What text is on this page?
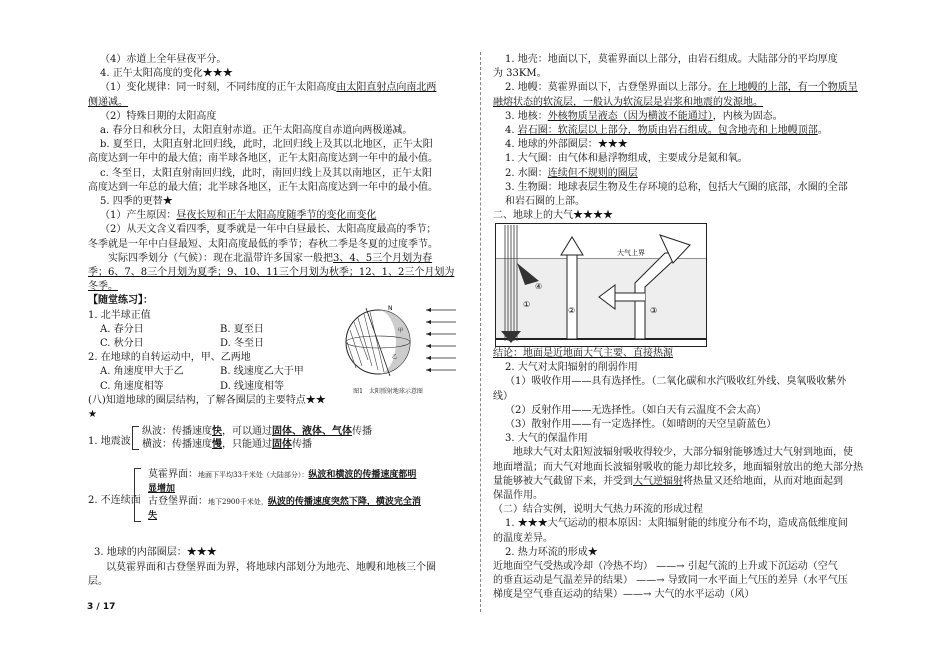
（4）赤道上全年昼夜平分。

4. 正午太阳高度的变化★★★

（1）变化规律：同一时刻，不同纬度的正午太阳高度由太阳直射点向南北两

侧递减。

（2）特殊日期的太阳高度

a. 春分日和秋分日，太阳直射赤道。正午太阳高度自赤道向两极递减。

b. 夏至日，太阳直射北回归线，此时，北回归线上及其以北地区，正午太阳

高度达到一年中的最大值；南半球各地区，正午太阳高度达到一年中的最小值。

c. 冬至日，太阳直射南回归线，此时，南回归线上及其以南地区，正午太阳

高度达到一年总的最大值；北半球各地区，正午太阳高度达到一年中的最小值。

5. 四季的更替★

（1）产生原因：昼夜长短和正午太阳高度随季节的变化而变化

（2）从天文含义看四季，夏季就是一年中白昼最长、太阳高度最高的季节；

冬季就是一年中白昼最短、太阳高度最低的季节；春秋二季是冬夏的过度季节。

实际四季划分（气候）：现在北温带许多国家一般把3、4、5三个月划为春

季；6、7、8三个月划为夏季；9、10、11三个月划为秋季；12、1、2三个月划为

冬季。

【随堂练习】：

1. 北半球正值

A. 春分日	B. 夏至日

C. 秋分日	D. 冬至日

2. 在地球的自转运动中，甲、乙两地

A. 角速度甲大于乙	B. 线速度乙大于甲

C. 角速度相等	D. 线速度相等

(八)知道地球的圈层结构，了解各圈层的主要特点★★

★

N
甲
乙
图1　太阳照射地球示意图
1. 地震波
纵波：传播速度快，可以通过固体、液体、气体传播
横波：传播速度慢，只能通过固体传播
2. 不连续面
莫霍界面：地面下平均33千米处（大陆部分）：纵波和横波的传播速度都明
显增加
古登堡界面：地下2900千米处，纵波的传播速度突然下降，横波完全消
失
3. 地球的内部圈层：★★★
以莫霍界面和古登堡界面为界，将地球内部划分为地壳、地幔和地核三个圈
层。

1. 地壳：地面以下，莫霍界面以上部分，由岩石组成。大陆部分的平均厚度

为 33KM。

2. 地幔：莫霍界面以下，古登堡界面以上部分。在上地幔的上部，有一个物质呈

融熔状态的软流层，一般认为软流层是岩浆和地震的发源地。

3. 地核：外核物质呈液态（因为横波不能通过），内核为固态。

4. 岩石圈：软流层以上部分，物质由岩石组成。包含地壳和上地幔顶部。

4. 地球的外部圈层：★★★

1. 大气圈：由气体和悬浮物组成，主要成分是氮和氧。

2. 水圈：连续但不规则的圈层

3. 生物圈：地球表层生物及生存环境的总称，包括大气圈的底部，水圈的全部

和岩石圈的上部。

二、地球上的大气★★★★

大气上界
④
①
②	③

结论：地面是近地面大气主要、直接热源

2. 大气对太阳辐射的削弱作用

（1）吸收作用——具有选择性。（二氧化碳和水汽吸收红外线、臭氧吸收紫外

线）

（2）反射作用——无选择性。（如白天有云温度不会太高）

（3）散射作用——有一定选择性。（如晴朗的天空呈蔚蓝色）

3. 大气的保温作用

地球大气对太阳短波辐射吸收得较少，大部分辐射能够透过大气射到地面，使

地面增温；而大气对地面长波辐射吸收的能力却比较多，地面辐射放出的绝大部分热

量能够被大气截留下来，并受到大气逆辐射将热量又还给地面，从而对地面起到

保温作用。

（二）结合实例，说明大气热力环流的形成过程

1. ★★★大气运动的根本原因：太阳辐射能的纬度分布不均，造成高低维度间

的温度差异。

2. 热力环流的形成★

近地面空气受热或冷却（冷热不均） ——→ 引起气流的上升或下沉运动（空气

的垂直运动是气温差异的结果） ——→ 导致同一水平面上气压的差异（水平气压

梯度是空气垂直运动的结果）——→ 大气的水平运动（风）

3 / 17
